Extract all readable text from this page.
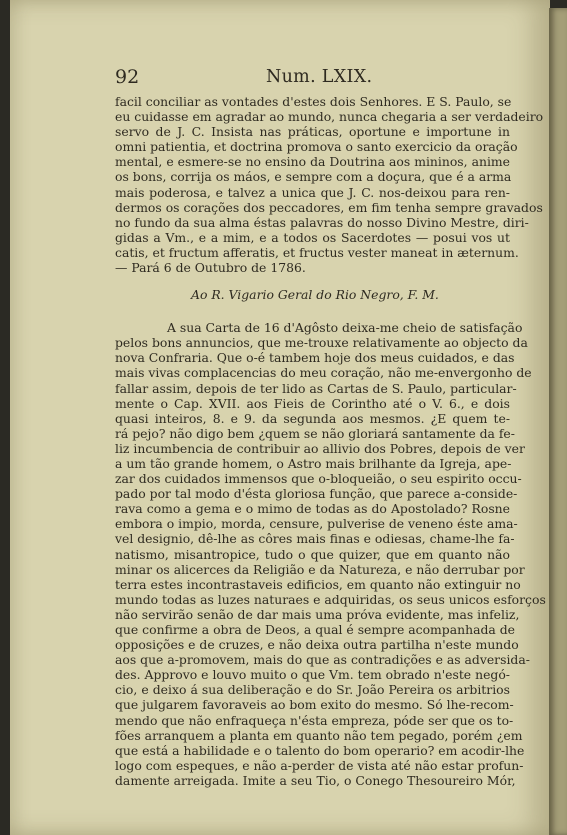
92	Num. LXIX.
facil conciliar as vontades d'estes dois Senhores. E S. Paulo, se
eu cuidasse em agradar ao mundo, nunca chegaria a ser verdadeiro
servo de J. C. Insista nas práticas, oportune e importune in
omni patientia, et doctrina promova o santo exercicio da oração
mental, e esmere-se no ensino da Doutrina aos mininos, anime
os bons, corrija os máos, e sempre com a doçura, que é a arma
mais poderosa, e talvez a unica que J. C. nos-deixou para ren-
dermos os corações dos peccadores, em fim tenha sempre gravados
no fundo da sua alma éstas palavras do nosso Divino Mestre, diri-
gidas a Vm., e a mim, e a todos os Sacerdotes — posui vos ut
catis, et fructum afferatis, et fructus vester maneat in æternum.
— Pará 6 de Outubro de 1786.
Ao R. Vigario Geral do Rio Negro, F. M.
A sua Carta de 16 d'Agôsto deixa-me cheio de satisfação
pelos bons annuncios, que me-trouxe relativamente ao objecto da
nova Confraria. Que o-é tambem hoje dos meus cuidados, e das
mais vivas complacencias do meu coração, não me-envergonho de
fallar assim, depois de ter lido as Cartas de S. Paulo, particular-
mente o Cap. XVII. aos Fieis de Corintho até o V. 6., e dois
quasi inteiros, 8. e 9. da segunda aos mesmos. ¿E quem te-
rá pejo? não digo bem ¿quem se não gloriará santamente da fe-
liz incumbencia de contribuir ao allivio dos Pobres, depois de ver
a um tão grande homem, o Astro mais brilhante da Igreja, ape-
zar dos cuidados immensos que o-bloqueião, o seu espirito occu-
pado por tal modo d'ésta gloriosa função, que parece a-conside-
rava como a gema e o mimo de todas as do Apostolado? Rosne
embora o impio, morda, censure, pulverise de veneno éste ama-
vel designio, dê-lhe as côres mais finas e odiesas, chame-lhe fa-
natismo, misantropice, tudo o que quizer, que em quanto não
minar os alicerces da Religião e da Natureza, e não derrubar por
terra estes incontrastaveis edificios, em quanto não extinguir no
mundo todas as luzes naturaes e adquiridas, os seus unicos esforços
não servirão senão de dar mais uma próva evidente, mas infeliz,
que confirme a obra de Deos, a qual é sempre acompanhada de
opposições e de cruzes, e não deixa outra partilha n'este mundo
aos que a-promovem, mais do que as contradições e as adversida-
des. Approvo e louvo muito o que Vm. tem obrado n'este negó-
cio, e deixo á sua deliberação e do Sr. João Pereira os arbitrios
que julgarem favoraveis ao bom exito do mesmo. Só lhe-recom-
mendo que não enfraqueça n'ésta empreza, póde ser que os to-
fões arranquem a planta em quanto não tem pegado, porém ¿em
que está a habilidade e o talento do bom operario? em acodir-lhe
logo com espeques, e não a-perder de vista até não estar profun-
damente arreigada. Imite a seu Tio, o Conego Thesoureiro Mór,
